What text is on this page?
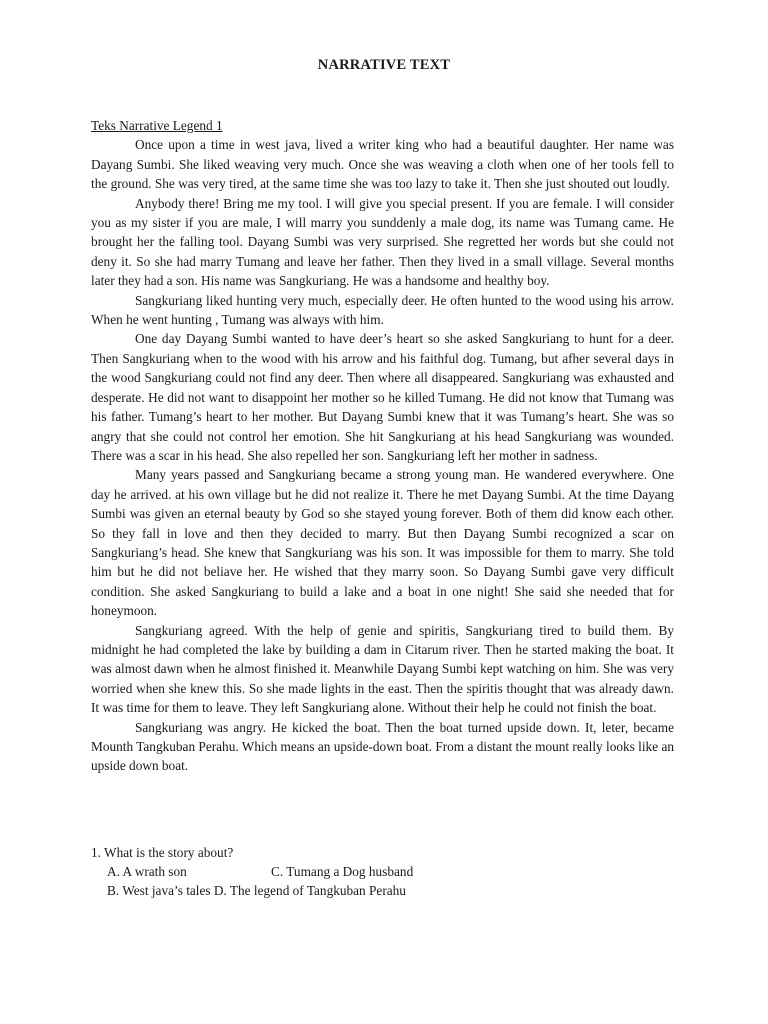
NARRATIVE TEXT
Teks Narrative Legend 1

Once upon a time in west java, lived a writer king who had a beautiful daughter. Her name was Dayang Sumbi. She liked weaving very much. Once she was weaving a cloth when one of her tools fell to the ground. She was very tired, at the same time she was too lazy to take it. Then she just shouted out loudly.

Anybody there! Bring me my tool. I will give you special present. If you are female. I will consider you as my sister if you are male, I will marry you sunddenly a male dog, its name was Tumang came. He brought her the falling tool. Dayang Sumbi was very surprised. She regretted her words but she could not deny it. So she had marry Tumang and leave her father. Then they lived in a small village. Several months later they had a son. His name was Sangkuriang. He was a handsome and healthy boy.

Sangkuriang liked hunting very much, especially deer. He often hunted to the wood using his arrow. When he went hunting , Tumang was always with him.

One day Dayang Sumbi wanted to have deer’s heart so she asked Sangkuriang to hunt for a deer. Then Sangkuriang when to the wood with his arrow and his faithful dog. Tumang, but afher several days in the wood Sangkuriang could not find any deer. Then where all disappeared. Sangkuriang was exhausted and desperate. He did not want to disappoint her mother so he killed Tumang. He did not know that Tumang was his father. Tumang’s heart to her mother. But Dayang Sumbi knew that it was Tumang’s heart. She was so angry that she could not control her emotion. She hit Sangkuriang at his head Sangkuriang was wounded. There was a scar in his head. She also repelled her son. Sangkuriang left her mother in sadness.

Many years passed and Sangkuriang became a strong young man. He wandered everywhere. One day he arrived. at his own village but he did not realize it. There he met Dayang Sumbi. At the time Dayang Sumbi was given an eternal beauty by God so she stayed young forever. Both of them did know each other. So they fall in love and then they decided to marry. But then Dayang Sumbi recognized a scar on Sangkuriang’s head. She knew that Sangkuriang was his son. It was impossible for them to marry. She told him but he did not beliave her. He wished that they marry soon. So Dayang Sumbi gave very difficult condition. She asked Sangkuriang to build a lake and a boat in one night! She said she needed that for honeymoon.

Sangkuriang agreed. With the help of genie and spiritis, Sangkuriang tired to build them. By midnight he had completed the lake by building a dam in Citarum river. Then he started making the boat. It was almost dawn when he almost finished it. Meanwhile Dayang Sumbi kept watching on him. She was very worried when she knew this. So she made lights in the east. Then the spiritis thought that was already dawn. It was time for them to leave. They left Sangkuriang alone. Without their help he could not finish the boat.

Sangkuriang was angry. He kicked the boat. Then the boat turned upside down. It, leter, became Mounth Tangkuban Perahu. Which means an upside-down boat. From a distant the mount really looks like an upside down boat.

1. What is the story about?
A. A wrath son	C. Tumang a Dog husband
B. West java’s tales D. The legend of Tangkuban Perahu
